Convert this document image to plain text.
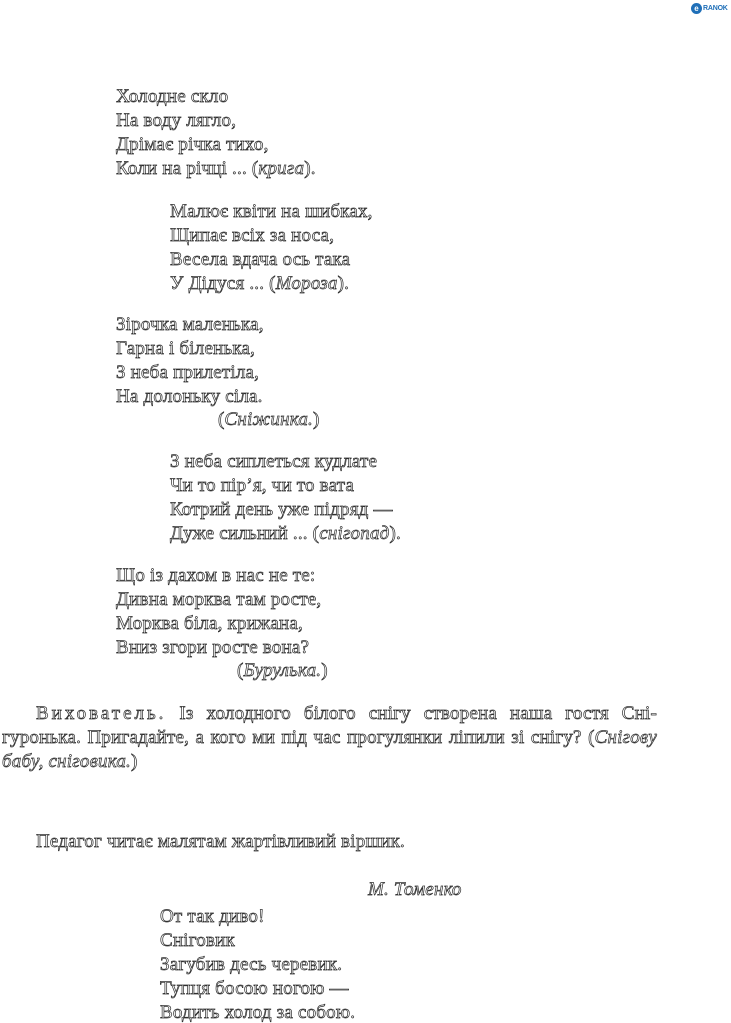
e RANOK
Холодне скло
На воду лягло,
Дрімає річка тихо,
Коли на річці ... (крига).
Малює квіти на шибках,
Щипає всіх за носа,
Весела вдача ось така
У Дідуся ... (Мороза).
Зірочка маленька,
Гарна і біленька,
З неба прилетіла,
На долоньку сіла.
(Сніжинка.)
З неба сиплеться кудлате
Чи то пір’я, чи то вата
Котрий день уже підряд —
Дуже сильний ... (снігопад).
Що із дахом в нас не те:
Дивна морква там росте,
Морква біла, крижана,
Вниз згори росте вона?
(Бурулька.)
Вихователь. Із холодного білого снігу створена наша гостя Сні-гуронька. Пригадайте, а кого ми під час прогулянки ліпили зі снігу? (Снігову бабу, сніговика.)
Педагог читає малятам жартівливий віршик.
М. Томенко
От так диво!
Сніговик
Загубив десь черевик.
Тупця босою ногою —
Водить холод за собою.
